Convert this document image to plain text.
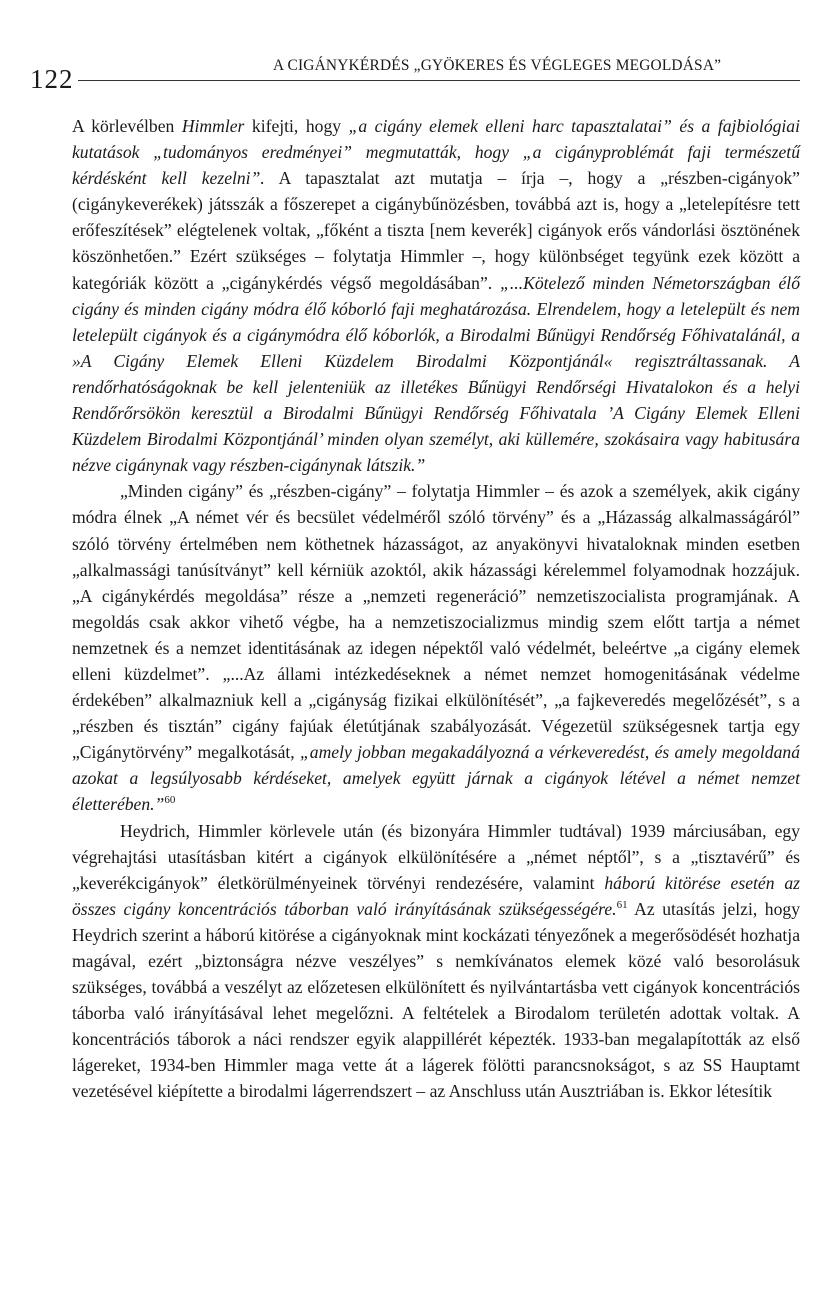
122	A CIGÁNYKÉRDÉS „GYÖKERES ÉS VÉGLEGES MEGOLDÁSA”

A körlevélben Himmler kifejti, hogy „a cigány elemek elleni harc tapasztalatai” és a fajbiológiai kutatások „tudományos eredményei” megmutatták, hogy „a cigányproblémát faji természetű kérdésként kell kezelni”. A tapasztalat azt mutatja – írja –, hogy a „részben-cigányok” (cigánykeverékek) játsszák a főszerepet a cigánybűnözésben, továbbá azt is, hogy a „letelepítésre tett erőfeszítések” elégtelenek voltak, „főként a tiszta [nem keverék] cigányok erős vándorlási ösztönének köszönhetően.” Ezért szükséges – folytatja Himmler –, hogy különbséget tegyünk ezek között a kategóriák között a „cigánykérdés végső megoldásában”. „...Kötelező minden Németországban élő cigány és minden cigány módra élő kóborló faji meghatározása. Elrendelem, hogy a letelepült és nem letelepült cigányok és a cigánymódra élő kóborlók, a Birodalmi Bűnügyi Rendőrség Főhivatalánál, a »A Cigány Elemek Elleni Küzdelem Birodalmi Központjánál« regisztráltassanak. A rendőrhatóságoknak be kell jelenteniük az illetékes Bűnügyi Rendőrségi Hivatalokon és a helyi Rendőrőrsökön keresztül a Birodalmi Bűnügyi Rendőrség Főhivatala ’A Cigány Elemek Elleni Küzdelem Birodalmi Központjánál’ minden olyan személyt, aki küllemére, szokásaira vagy habitusára nézve cigánynak vagy részben-cigánynak látszik.”

„Minden cigány” és „részben-cigány” – folytatja Himmler – és azok a személyek, akik cigány módra élnek „A német vér és becsület védelméről szóló törvény” és a „Házasság alkalmasságáról” szóló törvény értelmében nem köthetnek házasságot, az anyakönyvi hivataloknak minden esetben „alkalmassági tanúsítványt” kell kérniük azoktól, akik házassági kérelemmel folyamodnak hozzájuk. „A cigánykérdés megoldása” része a „nemzeti regeneráció” nemzetiszocialista programjának. A megoldás csak akkor vihető végbe, ha a nemzetiszocializmus mindig szem előtt tartja a német nemzetnek és a nemzet identitásának az idegen népektől való védelmét, beleértve „a cigány elemek elleni küzdelmet”. „...Az állami intézkedéseknek a német nemzet homogenitásának védelme érdekében” alkalmazniuk kell a „cigányság fizikai elkülönítését”, „a fajkeveredés megelőzését”, s a „részben és tisztán” cigány fajúak életútjának szabályozását. Végezetül szükségesnek tartja egy „Cigánytörvény” megalkotását, „amely jobban megakadályozná a vérkeveredést, és amely megoldaná azokat a legsúlyosabb kérdéseket, amelyek együtt járnak a cigányok létével a német nemzet életterében.”$^{60}$

Heydrich, Himmler körlevele után (és bizonyára Himmler tudtával) 1939 márciusában, egy végrehajtási utasításban kitért a cigányok elkülönítésére a „német néptől”, s a „tisztavérű” és „keverékcigányok” életkörülményeinek törvényi rendezésére, valamint háború kitörése esetén az összes cigány koncentrációs táborban való irányításának szükségességére.$^{61}$ Az utasítás jelzi, hogy Heydrich szerint a háború kitörése a cigányoknak mint kockázati tényezőnek a megerősödését hozhatja magával, ezért „biztonságra nézve veszélyes” s nemkívánatos elemek közé való besorolásuk szükséges, továbbá a veszélyt az előzetesen elkülönített és nyilvántartásba vett cigányok koncentrációs táborba való irányításával lehet megelőzni. A feltételek a Birodalom területén adottak voltak. A koncentrációs táborok a náci rendszer egyik alappillérét képezték. 1933-ban megalapították az első lágereket, 1934-ben Himmler maga vette át a lágerek fölötti parancsnokságot, s az SS Hauptamt vezetésével kiépítette a birodalmi lágerrendszert – az Anschluss után Ausztriában is. Ekkor létesítik
